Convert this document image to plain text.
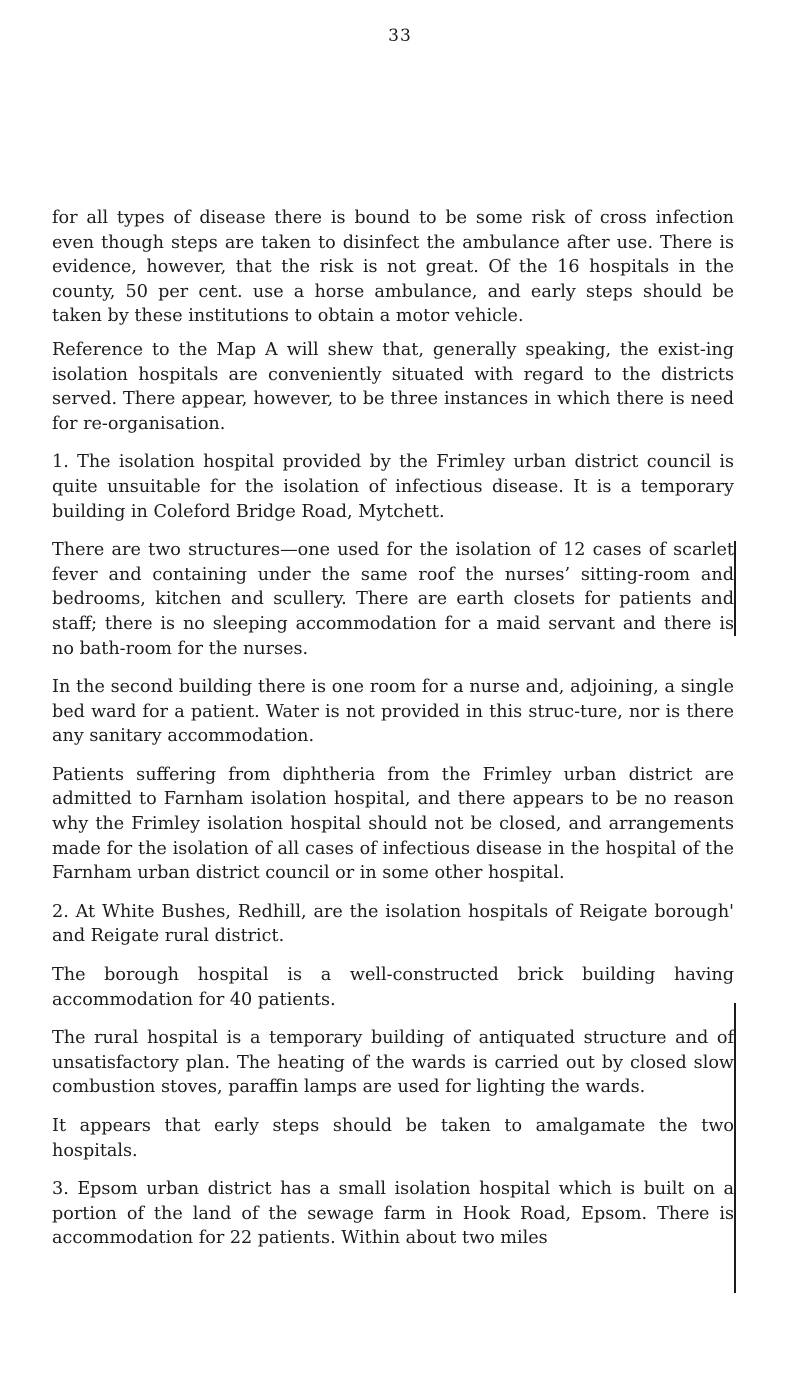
33

for all types of disease there is bound to be some risk of cross infection even though steps are taken to disinfect the ambulance after use. There is evidence, however, that the risk is not great. Of the 16 hospitals in the county, 50 per cent. use a horse ambulance, and early steps should be taken by these institutions to obtain a motor vehicle.

Reference to the Map A will shew that, generally speaking, the exist-ing isolation hospitals are conveniently situated with regard to the districts served. There appear, however, to be three instances in which there is need for re-organisation.

1. The isolation hospital provided by the Frimley urban district council is quite unsuitable for the isolation of infectious disease. It is a temporary building in Coleford Bridge Road, Mytchett.

There are two structures—one used for the isolation of 12 cases of scarlet fever and containing under the same roof the nurses’ sitting-room and bedrooms, kitchen and scullery. There are earth closets for patients and staff; there is no sleeping accommodation for a maid servant and there is no bath-room for the nurses.

In the second building there is one room for a nurse and, adjoining, a single bed ward for a patient. Water is not provided in this struc-ture, nor is there any sanitary accommodation.

Patients suffering from diphtheria from the Frimley urban district are admitted to Farnham isolation hospital, and there appears to be no reason why the Frimley isolation hospital should not be closed, and arrangements made for the isolation of all cases of infectious disease in the hospital of the Farnham urban district council or in some other hospital.

2. At White Bushes, Redhill, are the isolation hospitals of Reigate borough' and Reigate rural district.

The borough hospital is a well-constructed brick building having accommodation for 40 patients.

The rural hospital is a temporary building of antiquated structure and of unsatisfactory plan. The heating of the wards is carried out by closed slow combustion stoves, paraffin lamps are used for lighting the wards.

It appears that early steps should be taken to amalgamate the two hospitals.

3. Epsom urban district has a small isolation hospital which is built on a portion of the land of the sewage farm in Hook Road, Epsom. There is accommodation for 22 patients. Within about two miles
